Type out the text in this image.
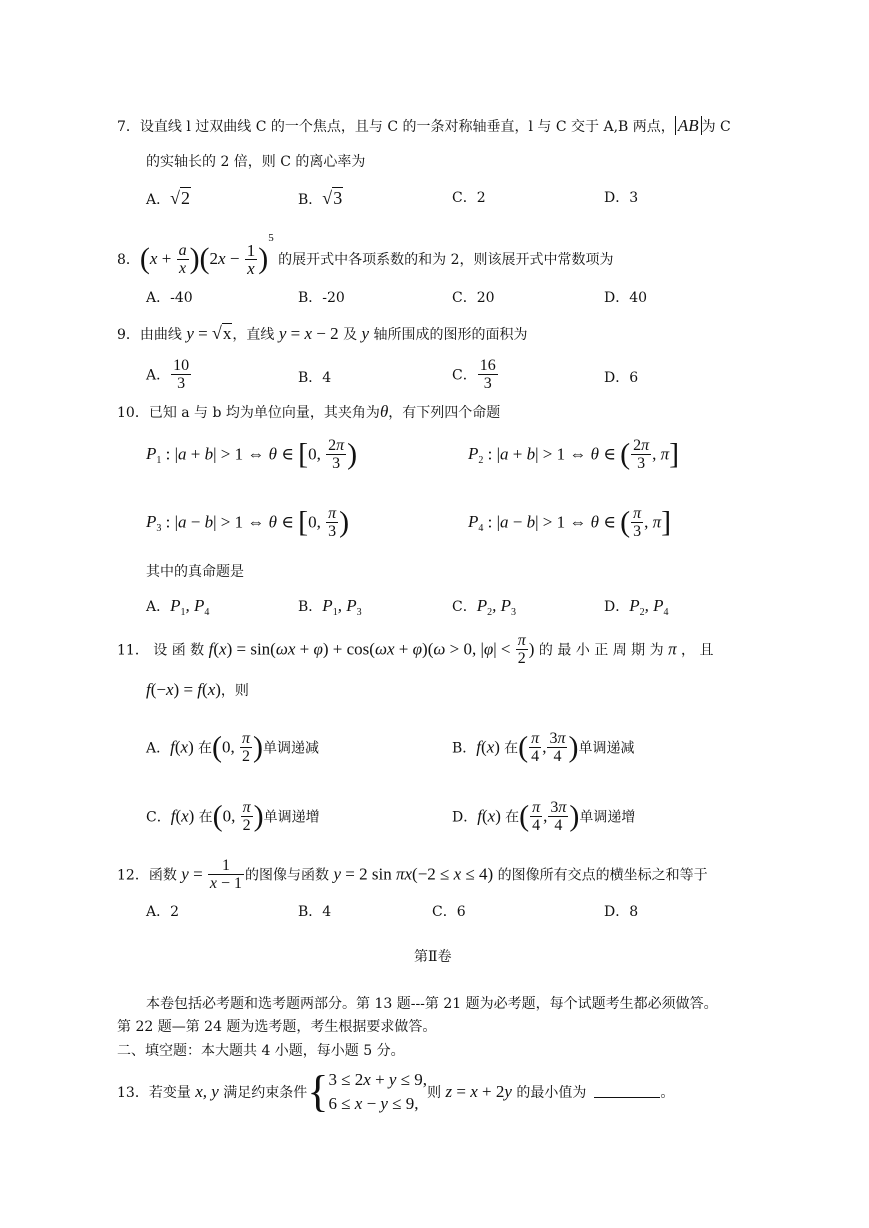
7．设直线 l 过双曲线 C 的一个焦点，且与 C 的一条对称轴垂直，l 与 C 交于 A,B 两点， AB 为 C
的实轴长的 2 倍，则 C 的离心率为
A．√2	B．√3	C．2	D．3
8．$(x + \frac{a}{x} )(2x - \frac{1}{x} )^5$ 的展开式中各项系数的和为 2，则该展开式中常数项为
A．-40	B．-20	C．20	D．40
9．由曲线 y = √x，直线 y = x − 2 及 y 轴所围成的图形的面积为
A． $\frac{10}{3}$	B．4	C． $\frac{16}{3}$	D．6
10．已知 a 与 b 均为单位向量，其夹角为θ，有下列四个命题
$P_1$ : |a + b| > 1 ⇔ θ ∈ [0, $\frac{2\pi}{3}$ )	$P_2$ : |a + b| > 1 ⇔ θ ∈ ( $\frac{2\pi}{3}$ , π]
$P_3$ : |a − b| > 1 ⇔ θ ∈ [0, $\frac{\pi}{3}$ )	$P_4$ : |a − b| > 1 ⇔ θ ∈ ( $\frac{\pi}{3}$ , π]
其中的真命题是
A．$P_1$, $P_4$	B．$P_1$, $P_3$	C．$P_2$, $P_3$	D．$P_2$, $P_4$
11． 设 函 数 f(x) = sin(ωx + φ) + cos(ωx + φ)(ω > 0, $|\varphi| < \frac{\pi}{2}$ ) 的 最 小 正 周 期 为 π ， 且
f(−x) = f(x)，则
A．f(x) 在(0, $\frac{\pi}{2}$ )单调递减	B．f(x) 在( $\frac{\pi}{4}$ , $\frac{3\pi}{4}$ )单调递减
C．f(x) 在(0, $\frac{\pi}{2}$ )单调递增	D．f(x) 在( $\frac{\pi}{4}$ , $\frac{3\pi}{4}$ )单调递增
12．函数 $y = \frac{1}{x - 1}$ 的图像与函数 y = 2 sin πx(−2 ≤ x ≤ 4) 的图像所有交点的横坐标之和等于
A．2	B．4	C．6	D．8
第Ⅱ卷
本卷包括必考题和选考题两部分。第 13 题---第 21 题为必考题，每个试题考生都必须做答。
第 22 题—第 24 题为选考题，考生根据要求做答。
二、填空题：本大题共 4 小题，每小题 5 分。
13．若变量 x, y 满足约束条件{ 3 ≤ 2x + y ≤ 9,
6 ≤ x − y ≤ 9,
则 z = x + 2y 的最小值为	。
